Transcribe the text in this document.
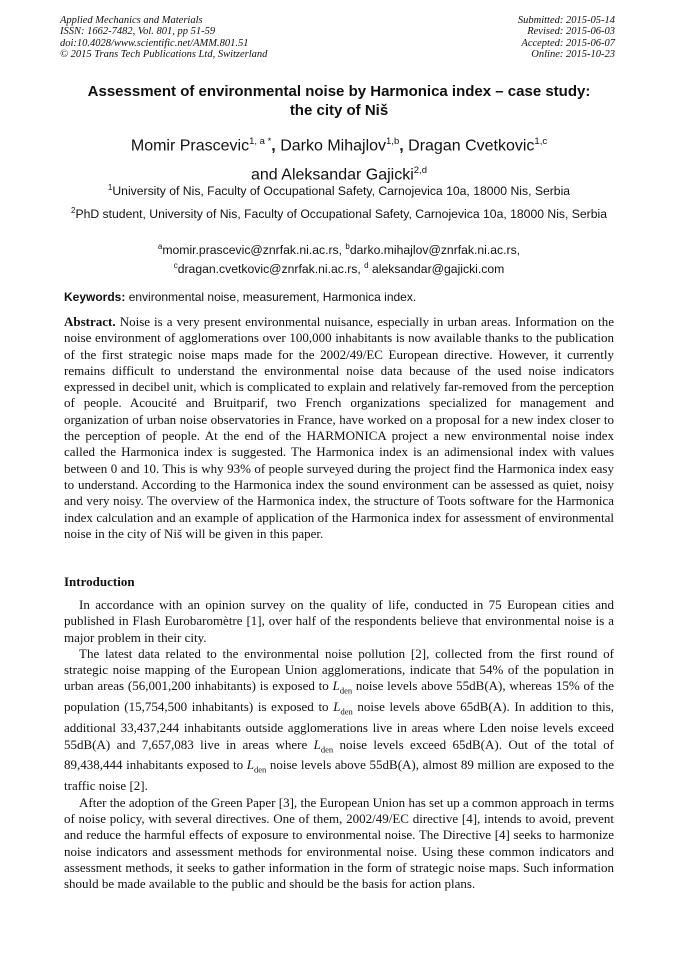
Applied Mechanics and Materials
ISSN: 1662-7482, Vol. 801, pp 51-59
doi:10.4028/www.scientific.net/AMM.801.51
© 2015 Trans Tech Publications Ltd, Switzerland
Submitted: 2015-05-14
Revised: 2015-06-03
Accepted: 2015-06-07
Online: 2015-10-23
Assessment of environmental noise by Harmonica index – case study:
the city of Niš
Momir Prascevic$^{1, a *}$, Darko Mihajlov$^{1,b}$, Dragan Cvetkovic$^{1,c}$
and Aleksandar Gajicki$^{2,d}$
$^1$University of Nis, Faculty of Occupational Safety, Carnojevica 10a, 18000 Nis, Serbia
$^2$PhD student, University of Nis, Faculty of Occupational Safety, Carnojevica 10a, 18000 Nis, Serbia
$^a$momir.prascevic@znrfak.ni.ac.rs, $^b$darko.mihajlov@znrfak.ni.ac.rs,
$^c$dragan.cvetkovic@znrfak.ni.ac.rs, $^d$ aleksandar@gajicki.com
Keywords: environmental noise, measurement, Harmonica index.

Abstract. Noise is a very present environmental nuisance, especially in urban areas. Information on the noise environment of agglomerations over 100,000 inhabitants is now available thanks to the publication of the first strategic noise maps made for the 2002/49/EC European directive. However, it currently remains difficult to understand the environmental noise data because of the used noise indicators expressed in decibel unit, which is complicated to explain and relatively far-removed from the perception of people. Acoucité and Bruitparif, two French organizations specialized for management and organization of urban noise observatories in France, have worked on a proposal for a new index closer to the perception of people. At the end of the HARMONICA project a new environmental noise index called the Harmonica index is suggested. The Harmonica index is an adimensional index with values between 0 and 10. This is why 93% of people surveyed during the project find the Harmonica index easy to understand. According to the Harmonica index the sound environment can be assessed as quiet, noisy and very noisy. The overview of the Harmonica index, the structure of Toots software for the Harmonica index calculation and an example of application of the Harmonica index for assessment of environmental noise in the city of Niš will be given in this paper.

Introduction

In accordance with an opinion survey on the quality of life, conducted in 75 European cities and published in Flash Eurobaromètre [1], over half of the respondents believe that environmental noise is a major problem in their city.

The latest data related to the environmental noise pollution [2], collected from the first round of strategic noise mapping of the European Union agglomerations, indicate that 54% of the population in urban areas (56,001,200 inhabitants) is exposed to $L_{den}$ noise levels above 55dB(A), whereas 15% of the population (15,754,500 inhabitants) is exposed to $L_{den}$ noise levels above 65dB(A). In addition to this, additional 33,437,244 inhabitants outside agglomerations live in areas where Lden noise levels exceed 55dB(A) and 7,657,083 live in areas where $L_{den}$ noise levels exceed 65dB(A). Out of the total of 89,438,444 inhabitants exposed to $L_{den}$ noise levels above 55dB(A), almost 89 million are exposed to the traffic noise [2].

After the adoption of the Green Paper [3], the European Union has set up a common approach in terms of noise policy, with several directives. One of them, 2002/49/EC directive [4], intends to avoid, prevent and reduce the harmful effects of exposure to environmental noise. The Directive [4] seeks to harmonize noise indicators and assessment methods for environmental noise. Using these common indicators and assessment methods, it seeks to gather information in the form of strategic noise maps. Such information should be made available to the public and should be the basis for action plans.
